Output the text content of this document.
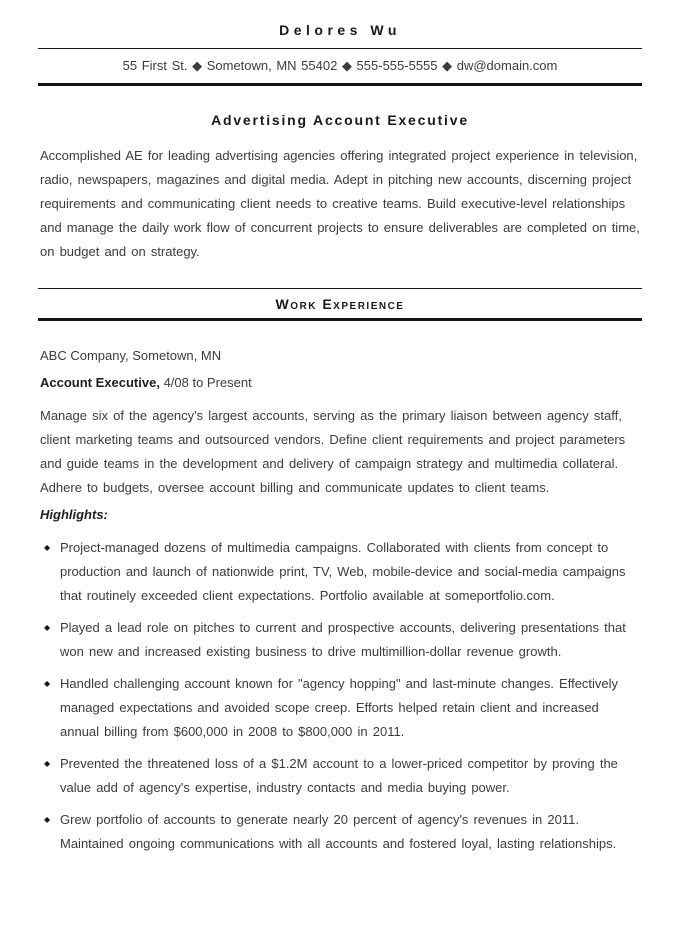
Delores Wu
55 First St. ◆ Sometown, MN 55402 ◆ 555-555-5555 ◆ dw@domain.com
Advertising Account Executive

Accomplished AE for leading advertising agencies offering integrated project experience in television, radio, newspapers, magazines and digital media. Adept in pitching new accounts, discerning project requirements and communicating client needs to creative teams. Build executive-level relationships and manage the daily work flow of concurrent projects to ensure deliverables are completed on time, on budget and on strategy.

Work Experience
ABC Company, Sometown, MN
Account Executive, 4/08 to Present

Manage six of the agency's largest accounts, serving as the primary liaison between agency staff, client marketing teams and outsourced vendors. Define client requirements and project parameters and guide teams in the development and delivery of campaign strategy and multimedia collateral. Adhere to budgets, oversee account billing and communicate updates to client teams.

Highlights:
◆ Project-managed dozens of multimedia campaigns. Collaborated with clients from concept to production and launch of nationwide print, TV, Web, mobile-device and social-media campaigns that routinely exceeded client expectations. Portfolio available at someportfolio.com.
◆ Played a lead role on pitches to current and prospective accounts, delivering presentations that won new and increased existing business to drive multimillion-dollar revenue growth.
◆ Handled challenging account known for "agency hopping" and last-minute changes. Effectively managed expectations and avoided scope creep. Efforts helped retain client and increased annual billing from $600,000 in 2008 to $800,000 in 2011.
◆ Prevented the threatened loss of a $1.2M account to a lower-priced competitor by proving the value add of agency's expertise, industry contacts and media buying power.
◆ Grew portfolio of accounts to generate nearly 20 percent of agency's revenues in 2011. Maintained ongoing communications with all accounts and fostered loyal, lasting relationships.
